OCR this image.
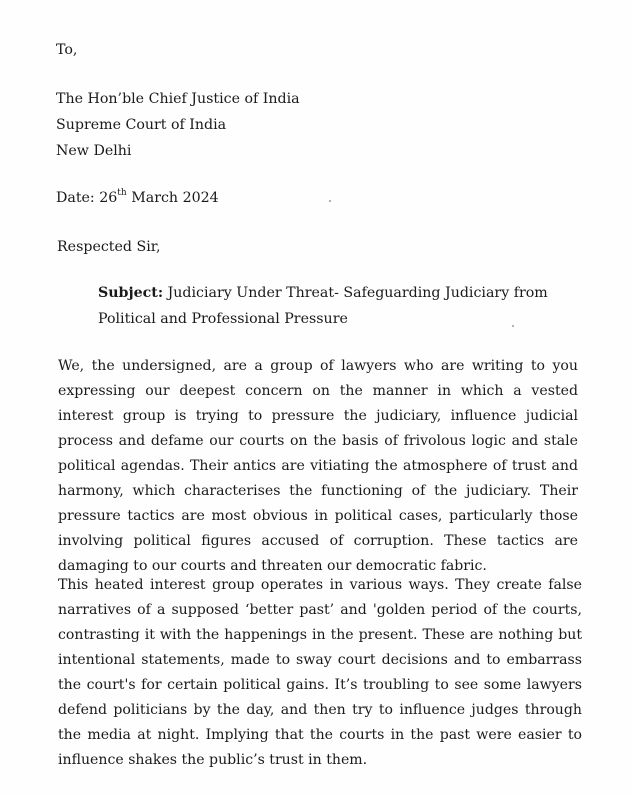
To,
The Hon’ble Chief Justice of India
Supreme Court of India
New Delhi
Date: 26th March 2024
Respected Sir,
Subject: Judiciary Under Threat- Safeguarding Judiciary from Political and Professional Pressure
We, the undersigned, are a group of lawyers who are writing to you expressing our deepest concern on the manner in which a vested interest group is trying to pressure the judiciary, influence judicial process and defame our courts on the basis of frivolous logic and stale political agendas. Their antics are vitiating the atmosphere of trust and harmony, which characterises the functioning of the judiciary. Their pressure tactics are most obvious in political cases, particularly those involving political figures accused of corruption. These tactics are damaging to our courts and threaten our democratic fabric.
This heated interest group operates in various ways. They create false narratives of a supposed ‘better past’ and 'golden period of the courts, contrasting it with the happenings in the present. These are nothing but intentional statements, made to sway court decisions and to embarrass the court's for certain political gains. It’s troubling to see some lawyers defend politicians by the day, and then try to influence judges through the media at night. Implying that the courts in the past were easier to influence shakes the public’s trust in them.
